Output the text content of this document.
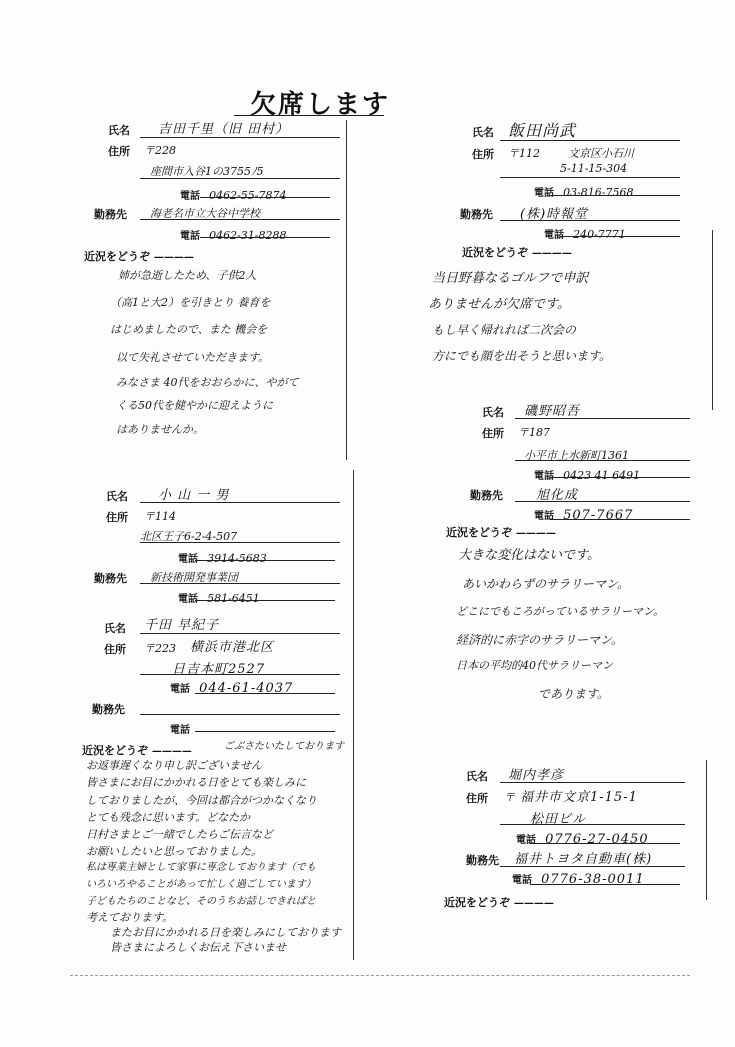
欠席します
氏名 吉田千里（旧 田村）
住所 〒228
座間市入谷1の3755ﾉ5
電話 0462-55-7874
勤務先 海老名市立大谷中学校
電話 0462-31-8288
近況をどうぞ ————
姉が急逝したため、子供2人
（高1と大2）を引きとり 養育を
はじめましたので、また 機会を
以て失礼させていただきます。
みなさま 40代をおおらかに、やがて
くる50代を健やかに迎えように
はありませんか。
氏名 小 山 一 男
住所 〒114
北区王子6-2-4-507
電話 3914-5683
勤務先 新技術開発事業団
電話 581-6451
氏名 千田 早紀子
住所 〒223 横浜市港北区
日吉本町2527
電話 044-61-4037
勤務先
電話
近況をどうぞ ————	ごぶさたいたしております
お返事遅くなり申し訳ございません
皆さまにお目にかかれる日をとても楽しみに
しておりましたが、今回は都合がつかなくなり
とても残念に思います。どなたか
日村さまとご一緒でしたらご伝言など
お願いしたいと思っておりました。
私は専業主婦として家事に専念しております（でも
いろいろやることがあって忙しく過ごしています）
子どもたちのことなど、そのうちお話しできればと
考えております。
またお目にかかれる日を楽しみにしております
皆さまによろしくお伝え下さいませ
氏名 飯田尚武
住所 〒112	文京区小石川
5-11-15-304
電話 03-816-7568
勤務先 (株)時報堂
電話 240-7771
近況をどうぞ ————
当日野暮なるゴルフで申訳
ありませんが欠席です。
もし早く帰れれば二次会の
方にでも顔を出そうと思います。
氏名 磯野昭吾
住所 〒187
小平市上水新町1361
電話 0423 41 6491
勤務先	旭化成
電話 507-7667
近況をどうぞ ————
大きな変化はないです。
あいかわらずのサラリーマン。
どこにでもころがっているサラリーマン。
経済的に赤字のサラリーマン。
日本の平均的40代サラリーマン
であります。
氏名 堀内孝彦
住所 〒 福井市文京1-15-1
松田ビル
電話 0776-27-0450
勤務先 福井トヨタ自動車(株)
電話 0776-38-0011
近況をどうぞ ————
